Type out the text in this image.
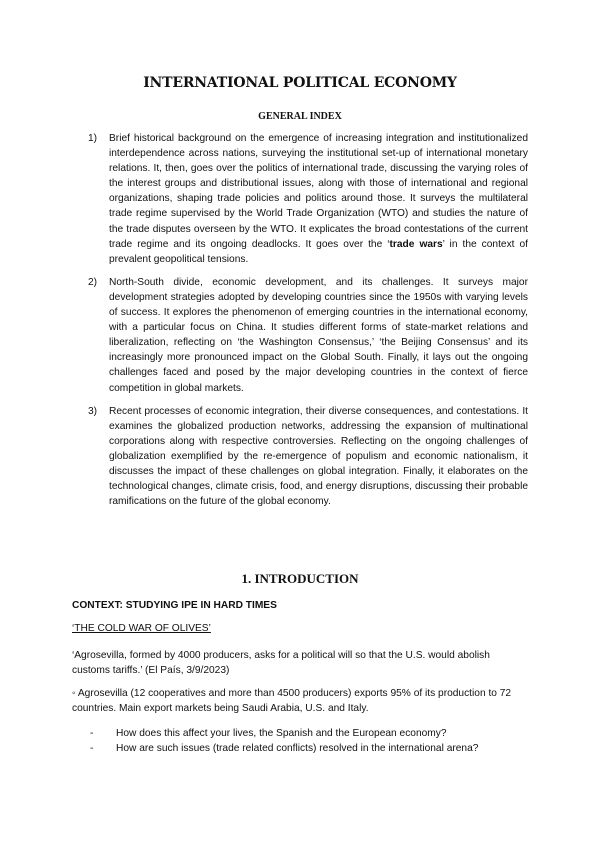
INTERNATIONAL POLITICAL ECONOMY
GENERAL INDEX
1) Brief historical background on the emergence of increasing integration and institutionalized interdependence across nations, surveying the institutional set-up of international monetary relations. It, then, goes over the politics of international trade, discussing the varying roles of the interest groups and distributional issues, along with those of international and regional organizations, shaping trade policies and politics around those. It surveys the multilateral trade regime supervised by the World Trade Organization (WTO) and studies the nature of the trade disputes overseen by the WTO. It explicates the broad contestations of the current trade regime and its ongoing deadlocks. It goes over the ‘trade wars’ in the context of prevalent geopolitical tensions.
2) North-South divide, economic development, and its challenges. It surveys major development strategies adopted by developing countries since the 1950s with varying levels of success. It explores the phenomenon of emerging countries in the international economy, with a particular focus on China. It studies different forms of state-market relations and liberalization, reflecting on ‘the Washington Consensus,’ ‘the Beijing Consensus’ and its increasingly more pronounced impact on the Global South. Finally, it lays out the ongoing challenges faced and posed by the major developing countries in the context of fierce competition in global markets.
3) Recent processes of economic integration, their diverse consequences, and contestations. It examines the globalized production networks, addressing the expansion of multinational corporations along with respective controversies. Reflecting on the ongoing challenges of globalization exemplified by the re-emergence of populism and economic nationalism, it discusses the impact of these challenges on global integration. Finally, it elaborates on the technological changes, climate crisis, food, and energy disruptions, discussing their probable ramifications on the future of the global economy.
1. INTRODUCTION
CONTEXT: STUDYING IPE IN HARD TIMES
‘THE COLD WAR OF OLIVES’

‘Agrosevilla, formed by 4000 producers, asks for a political will so that the U.S. would abolish customs tariffs.’ (El País, 3/9/2023)

◦ Agrosevilla (12 cooperatives and more than 4500 producers) exports 95% of its production to 72 countries. Main export markets being Saudi Arabia, U.S. and Italy.

- How does this affect your lives, the Spanish and the European economy?
- How are such issues (trade related conflicts) resolved in the international arena?
